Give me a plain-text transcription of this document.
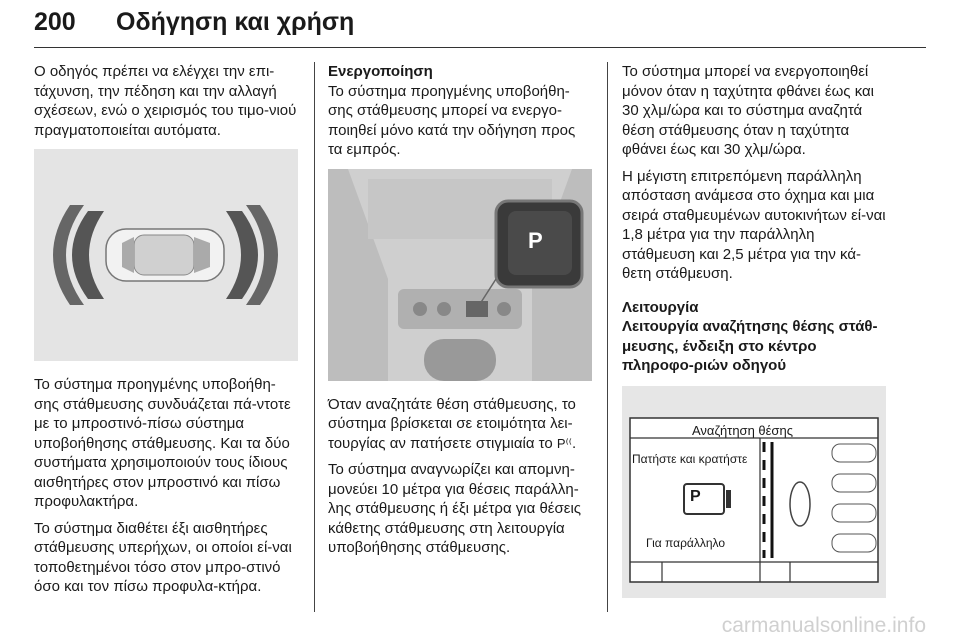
200 Οδήγηση και χρήση

Ο οδηγός πρέπει να ελέγχει την επι-τάχυνση, την πέδηση και την αλλαγή σχέσεων, ενώ ο χειρισμός του τιμο-νιού πραγματοποιείται αυτόματα.

Το σύστημα προηγμένης υποβοήθη-σης στάθμευσης συνδυάζεται πά-ντοτε με το μπροστινό-πίσω σύστημα υποβοήθησης στάθμευσης. Και τα δύο συστήματα χρησιμοποιούν τους ίδιους αισθητήρες στον μπροστινό και πίσω προφυλακτήρα.

Το σύστημα διαθέτει έξι αισθητήρες στάθμευσης υπερήχων, οι οποίοι εί-ναι τοποθετημένοι τόσο στον μπρο-στινό όσο και τον πίσω προφυλα-κτήρα.

Ενεργοποίηση

Το σύστημα προηγμένης υποβοήθη-σης στάθμευσης μπορεί να ενεργο-ποιηθεί μόνο κατά την οδήγηση προς τα εμπρός.

P

Όταν αναζητάτε θέση στάθμευσης, το σύστημα βρίσκεται σε ετοιμότητα λει-τουργίας αν πατήσετε στιγμιαία το P⁽⁽.

Το σύστημα αναγνωρίζει και απομνη-μονεύει 10 μέτρα για θέσεις παράλλη-λης στάθμευσης ή έξι μέτρα για θέσεις κάθετης στάθμευσης στη λειτουργία υποβοήθησης στάθμευσης.

Το σύστημα μπορεί να ενεργοποιηθεί μόνον όταν η ταχύτητα φθάνει έως και 30 χλμ/ώρα και το σύστημα αναζητά θέση στάθμευσης όταν η ταχύτητα φθάνει έως και 30 χλμ/ώρα.

Η μέγιστη επιτρεπόμενη παράλληλη απόσταση ανάμεσα στο όχημα και μια σειρά σταθμευμένων αυτοκινήτων εί-ναι 1,8 μέτρα για την παράλληλη στάθμευση και 2,5 μέτρα για την κά-θετη στάθμευση.

Λειτουργία
Λειτουργία αναζήτησης θέσης στάθ-μευσης, ένδειξη στο κέντρο πληροφο-ριών οδηγού
Αναζήτηση θέσης
Πατήστε και κρατήστε
Για παράλληλο
P
carmanualsonline.info
